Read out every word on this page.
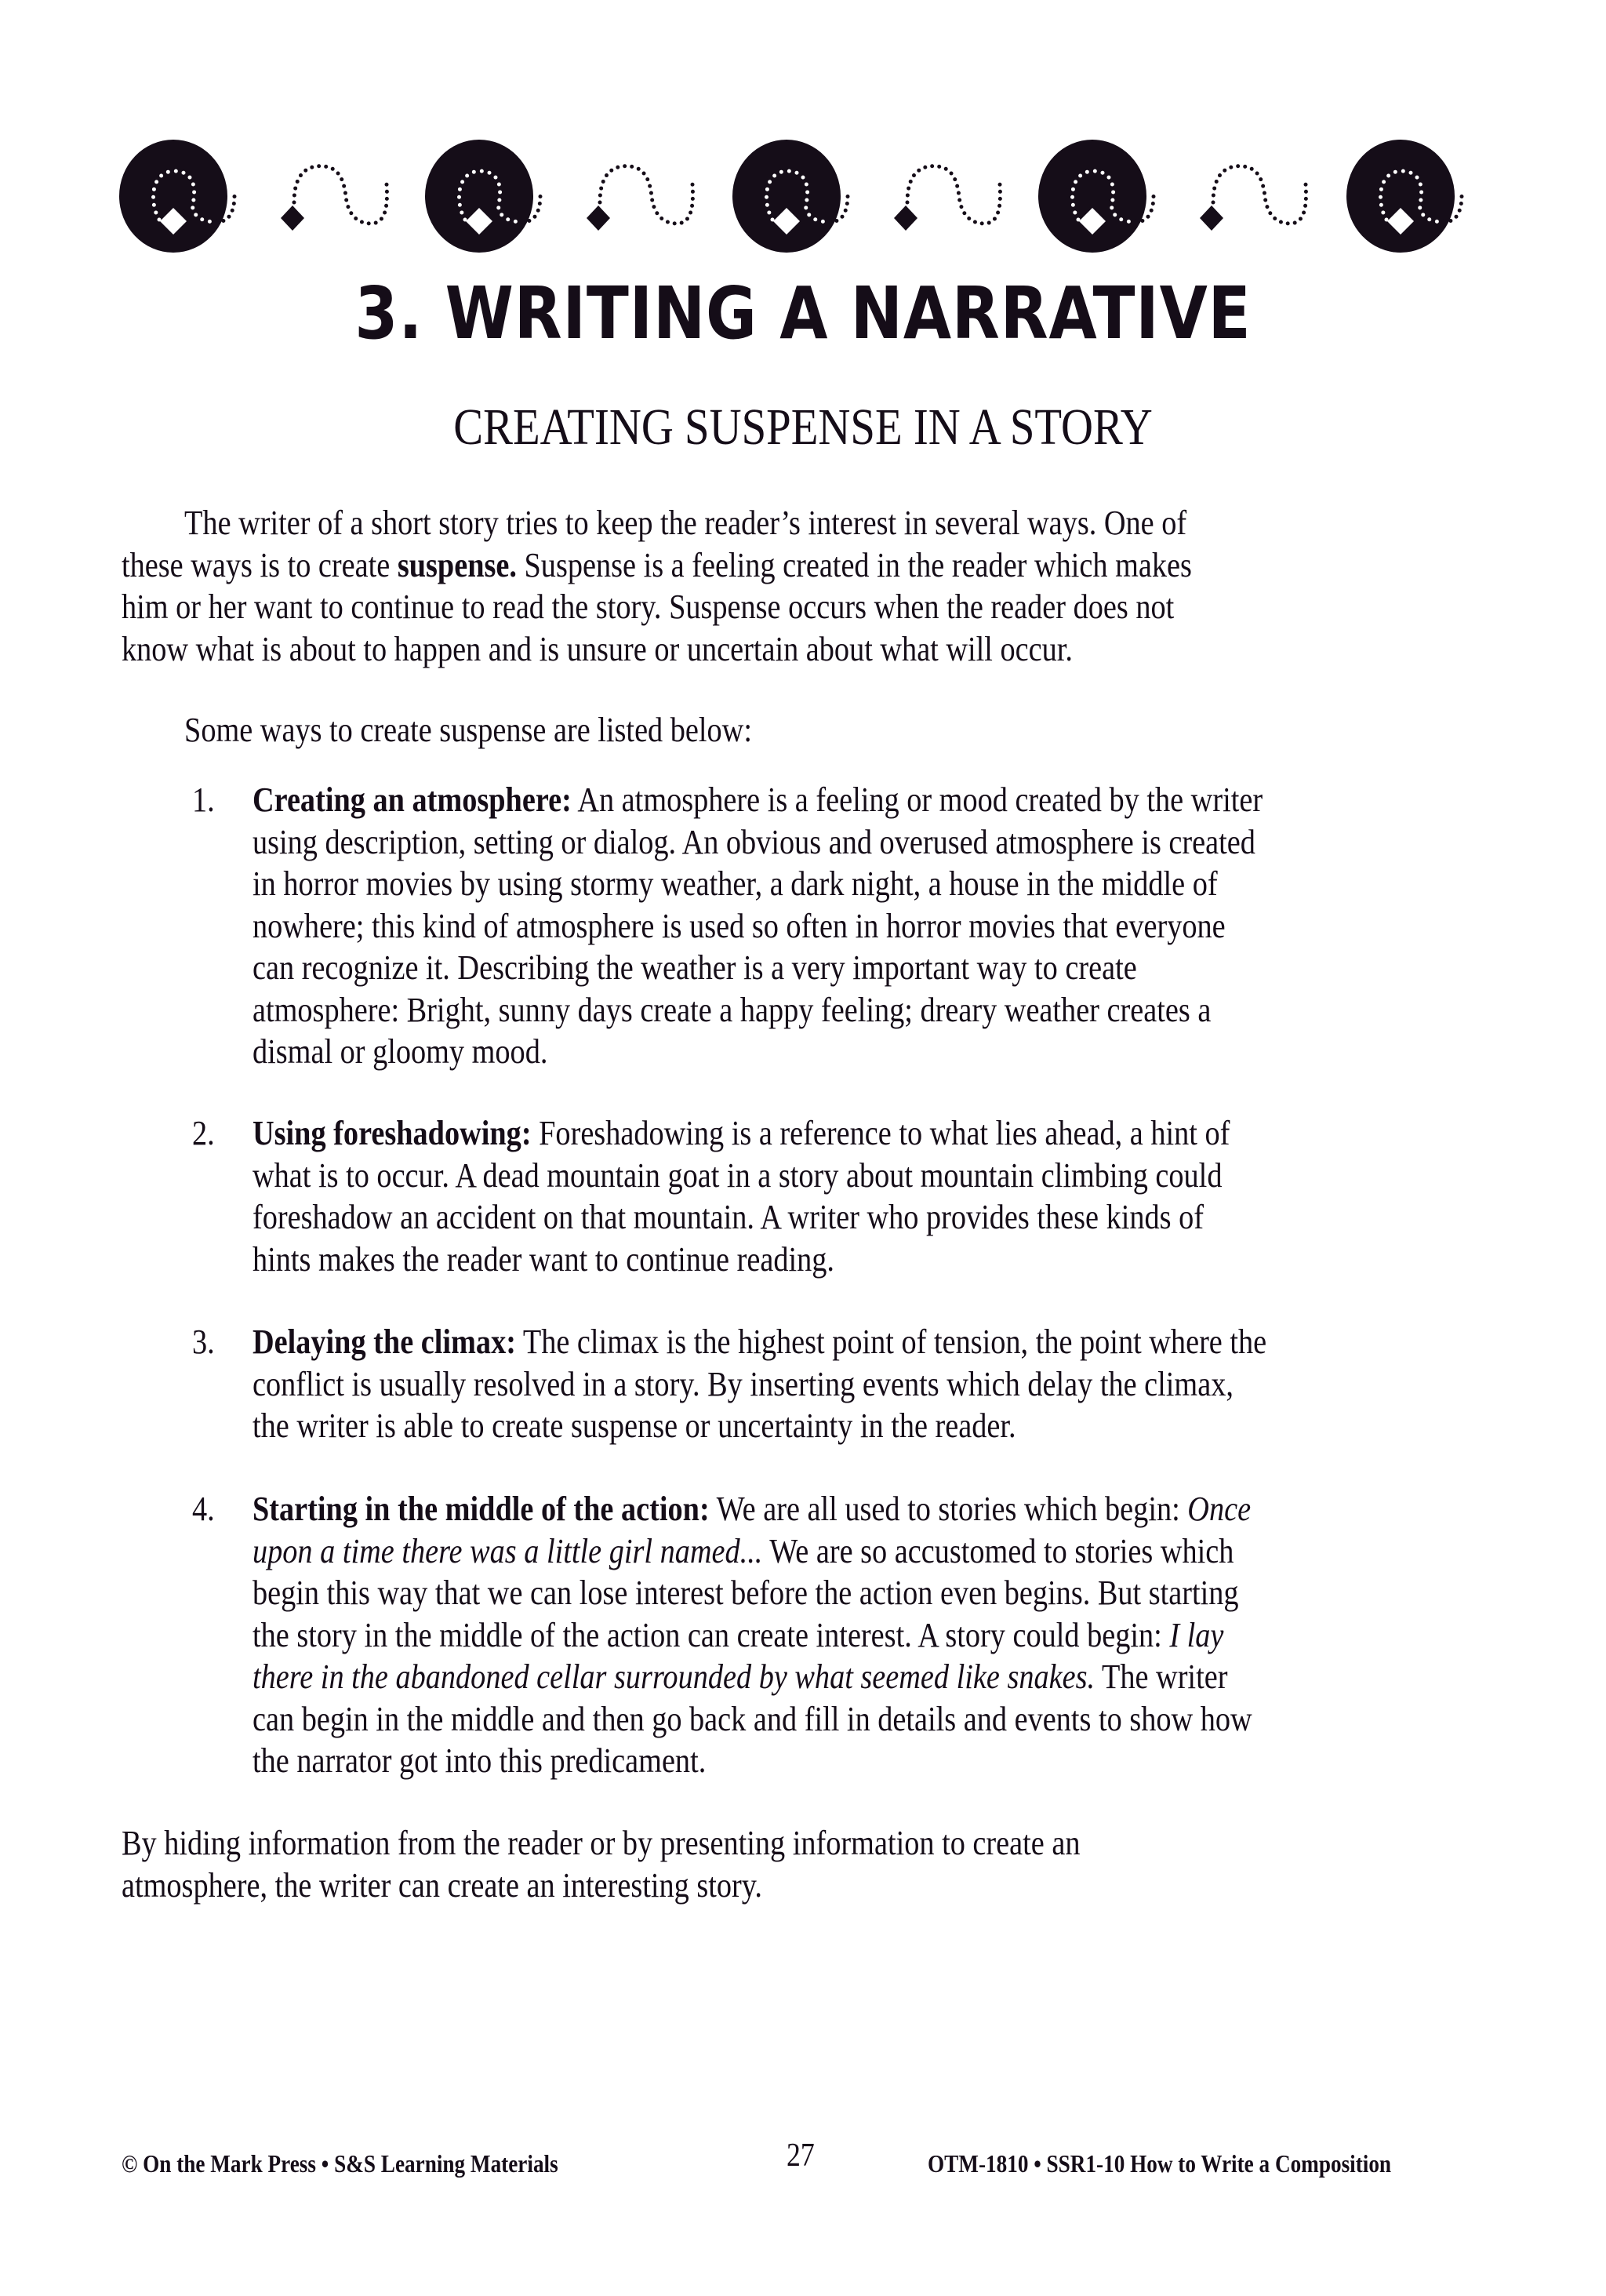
3. WRITING A NARRATIVE
CREATING SUSPENSE IN A STORY
The writer of a short story tries to keep the reader’s interest in several ways. One of
these ways is to create suspense. Suspense is a feeling created in the reader which makes
him or her want to continue to read the story. Suspense occurs when the reader does not
know what is about to happen and is unsure or uncertain about what will occur.
Some ways to create suspense are listed below:
1. Creating an atmosphere: An atmosphere is a feeling or mood created by the writer
using description, setting or dialog. An obvious and overused atmosphere is created
in horror movies by using stormy weather, a dark night, a house in the middle of
nowhere; this kind of atmosphere is used so often in horror movies that everyone
can recognize it. Describing the weather is a very important way to create
atmosphere: Bright, sunny days create a happy feeling; dreary weather creates a
dismal or gloomy mood.
2. Using foreshadowing: Foreshadowing is a reference to what lies ahead, a hint of
what is to occur. A dead mountain goat in a story about mountain climbing could
foreshadow an accident on that mountain. A writer who provides these kinds of
hints makes the reader want to continue reading.
3. Delaying the climax: The climax is the highest point of tension, the point where the
conflict is usually resolved in a story. By inserting events which delay the climax,
the writer is able to create suspense or uncertainty in the reader.
4. Starting in the middle of the action: We are all used to stories which begin: Once
upon a time there was a little girl named... We are so accustomed to stories which
begin this way that we can lose interest before the action even begins. But starting
the story in the middle of the action can create interest. A story could begin: I lay
there in the abandoned cellar surrounded by what seemed like snakes. The writer
can begin in the middle and then go back and fill in details and events to show how
the narrator got into this predicament.
By hiding information from the reader or by presenting information to create an
atmosphere, the writer can create an interesting story.
© On the Mark Press • S&S Learning Materials	27	OTM-1810 • SSR1-10 How to Write a Composition
